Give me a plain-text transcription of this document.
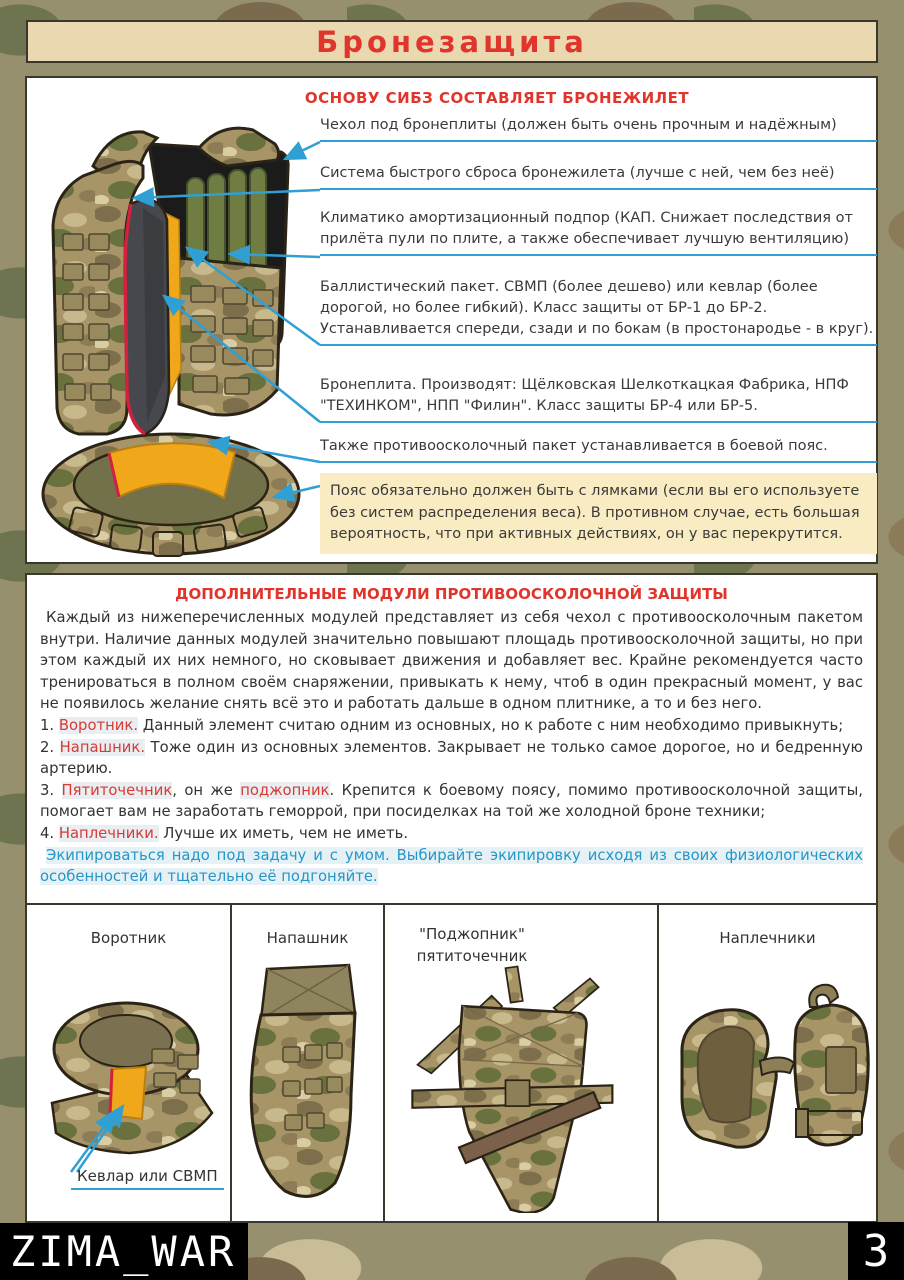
Бронезащита
ОСНОВУ СИБЗ СОСТАВЛЯЕТ БРОНЕЖИЛЕТ
Чехол под бронеплиты (должен быть очень прочным и надёжным)
Система быстрого сброса бронежилета (лучше с ней, чем без неё)
Климатико амортизационный подпор (КАП. Снижает последствия от прилёта пули по плите, а также обеспечивает лучшую вентиляцию)
Баллистический пакет. СВМП (более дешево) или кевлар (более дорогой, но более гибкий). Класс защиты от БР-1 до БР-2. Устанавливается спереди, сзади и по бокам (в простонародье - в круг).
Бронеплита. Производят: Щёлковская Шелкоткацкая Фабрика, НПФ "ТЕХИНКОМ", НПП "Филин". Класс защиты БР-4 или БР-5.
Также противоосколочный пакет устанавливается в боевой пояс.
Пояс обязательно должен быть с лямками (если вы его используете без систем распределения веса). В противном случае, есть большая вероятность, что при активных действиях, он у вас перекрутится.
ДОПОЛНИТЕЛЬНЫЕ МОДУЛИ ПРОТИВООСКОЛОЧНОЙ ЗАЩИТЫ

Каждый из нижеперечисленных модулей представляет из себя чехол с противоосколочным пакетом внутри. Наличие данных модулей значительно повышают площадь противоосколочной защиты, но при этом каждый их них немного, но сковывает движения и добавляет вес. Крайне рекомендуется часто тренироваться в полном своём снаряжении, привыкать к нему, чтоб в один прекрасный момент, у вас не появилось желание снять всё это и работать дальше в одном плитнике, а то и без него.

1. Воротник. Данный элемент считаю одним из основных, но к работе с ним необходимо привыкнуть;

2. Напашник. Тоже один из основных элементов. Закрывает не только самое дорогое, но и бедренную артерию.

3. Пятиточечник, он же поджопник. Крепится к боевому поясу, помимо противоосколочной защиты, помогает вам не заработать геморрой, при посиделках на той же холодной броне техники;

4. Наплечники. Лучше их иметь, чем не иметь.

Экипироваться надо под задачу и с умом. Выбирайте экипировку исходя из своих физиологических особенностей и тщательно её подгоняйте.

Воротник
Кевлар или СВМП
Напашник	"Поджопник" пятиточечник
Наплечники
ZIMA_WAR	3
